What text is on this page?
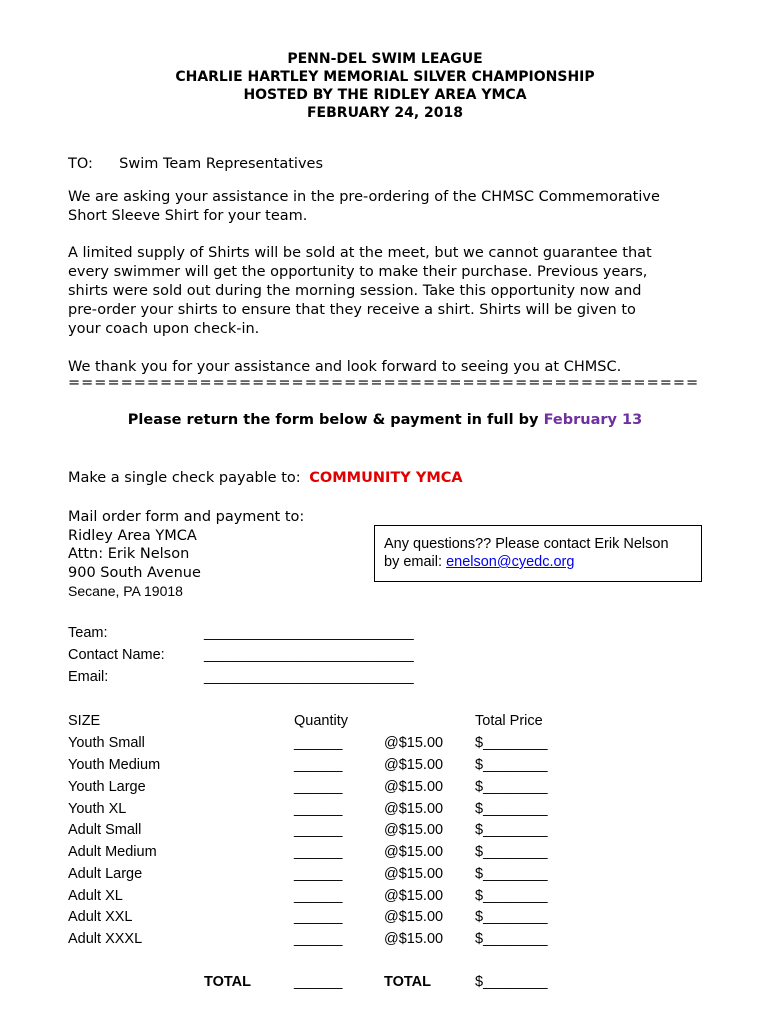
PENN-DEL SWIM LEAGUE
CHARLIE HARTLEY MEMORIAL SILVER CHAMPIONSHIP
HOSTED BY THE RIDLEY AREA YMCA
FEBRUARY 24, 2018
TO: Swim Team Representatives
We are asking your assistance in the pre-ordering of the CHMSC Commemorative
Short Sleeve Shirt for your team.
A limited supply of Shirts will be sold at the meet, but we cannot guarantee that
every swimmer will get the opportunity to make their purchase. Previous years,
shirts were sold out during the morning session. Take this opportunity now and
pre-order your shirts to ensure that they receive a shirt. Shirts will be given to
your coach upon check-in.
We thank you for your assistance and look forward to seeing you at CHMSC.
================================================
Please return the form below & payment in full by February 13
Make a single check payable to: COMMUNITY YMCA
Mail order form and payment to:
Ridley Area YMCA
Attn: Erik Nelson
900 South Avenue
Secane, PA 19018
Any questions?? Please contact Erik Nelson
by email: enelson@cyedc.org
Team:	__________________________
Contact Name:	__________________________
Email:	__________________________
SIZE	Quantity	Total Price
Youth Small	______	@$15.00 $________
Youth Medium	______	@$15.00 $________
Youth Large	______	@$15.00 $________
Youth XL	______	@$15.00 $________
Adult Small	______	@$15.00 $________
Adult Medium	______	@$15.00 $________
Adult Large	______	@$15.00 $________
Adult XL	______	@$15.00 $________
Adult XXL	______	@$15.00 $________
Adult XXXL	______	@$15.00 $________
TOTAL	______	TOTAL	$________
